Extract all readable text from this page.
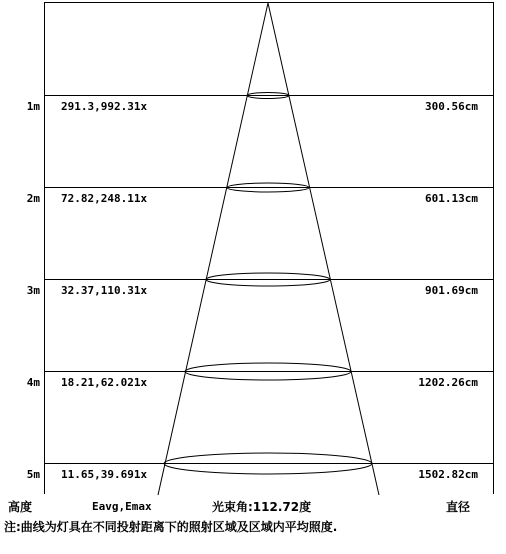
1m 291.3,992.31x	300.56cm
2m 72.82,248.11x	601.13cm
3m 32.37,110.31x	901.69cm
4m 18.21,62.021x	1202.26cm
5m 11.65,39.691x	1502.82cm
高度	Eavg,Emax	光束角:112.72度	直径
注:曲线为灯具在不同投射距离下的照射区域及区域内平均照度.
